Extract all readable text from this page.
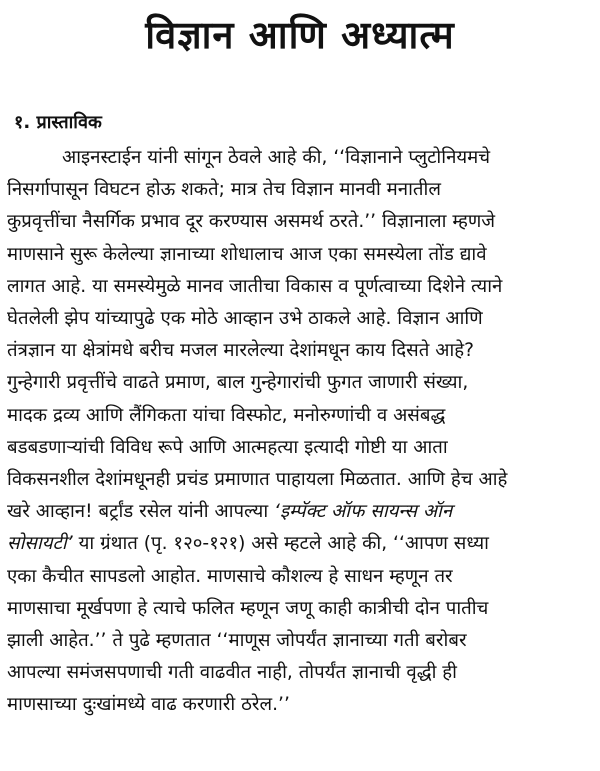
विज्ञान आणि अध्यात्म
१. प्रास्ताविक
आइनस्टाईन यांनी सांगून ठेवले आहे की, ‘‘विज्ञानाने प्लुटोनियमचे
निसर्गापासून विघटन होऊ शकते; मात्र तेच विज्ञान मानवी मनातील
कुप्रवृत्तींचा नैसर्गिक प्रभाव दूर करण्यास असमर्थ ठरते.’’ विज्ञानाला म्हणजे
माणसाने सुरू केलेल्या ज्ञानाच्या शोधालाच आज एका समस्येला तोंड द्यावे
लागत आहे. या समस्येमुळे मानव जातीचा विकास व पूर्णत्वाच्या दिशेने त्याने
घेतलेली झेप यांच्यापुढे एक मोठे आव्हान उभे ठाकले आहे. विज्ञान आणि
तंत्रज्ञान या क्षेत्रांमधे बरीच मजल मारलेल्या देशांमधून काय दिसते आहे?
गुन्हेगारी प्रवृत्तींचे वाढते प्रमाण, बाल गुन्हेगारांची फुगत जाणारी संख्या,
मादक द्रव्य आणि लैंगिकता यांचा विस्फोट, मनोरुग्णांची व असंबद्ध
बडबडणाऱ्यांची विविध रूपे आणि आत्महत्या इत्यादी गोष्टी या आता
विकसनशील देशांमधूनही प्रचंड प्रमाणात पाहायला मिळतात. आणि हेच आहे
खरे आव्हान! बर्ट्रांड रसेल यांनी आपल्या ‘इम्पॅक्ट ऑफ सायन्स ऑन
सोसायटी’ या ग्रंथात (पृ. १२०-१२१) असे म्हटले आहे की, ‘‘आपण सध्या
एका कैचीत सापडलो आहोत. माणसाचे कौशल्य हे साधन म्हणून तर
माणसाचा मूर्खपणा हे त्याचे फलित म्हणून जणू काही कात्रीची दोन पातीच
झाली आहेत.’’ ते पुढे म्हणतात ‘‘माणूस जोपर्यंत ज्ञानाच्या गती बरोबर
आपल्या समंजसपणाची गती वाढवीत नाही, तोपर्यंत ज्ञानाची वृद्धी ही
माणसाच्या दुःखांमध्ये वाढ करणारी ठरेल.’’
